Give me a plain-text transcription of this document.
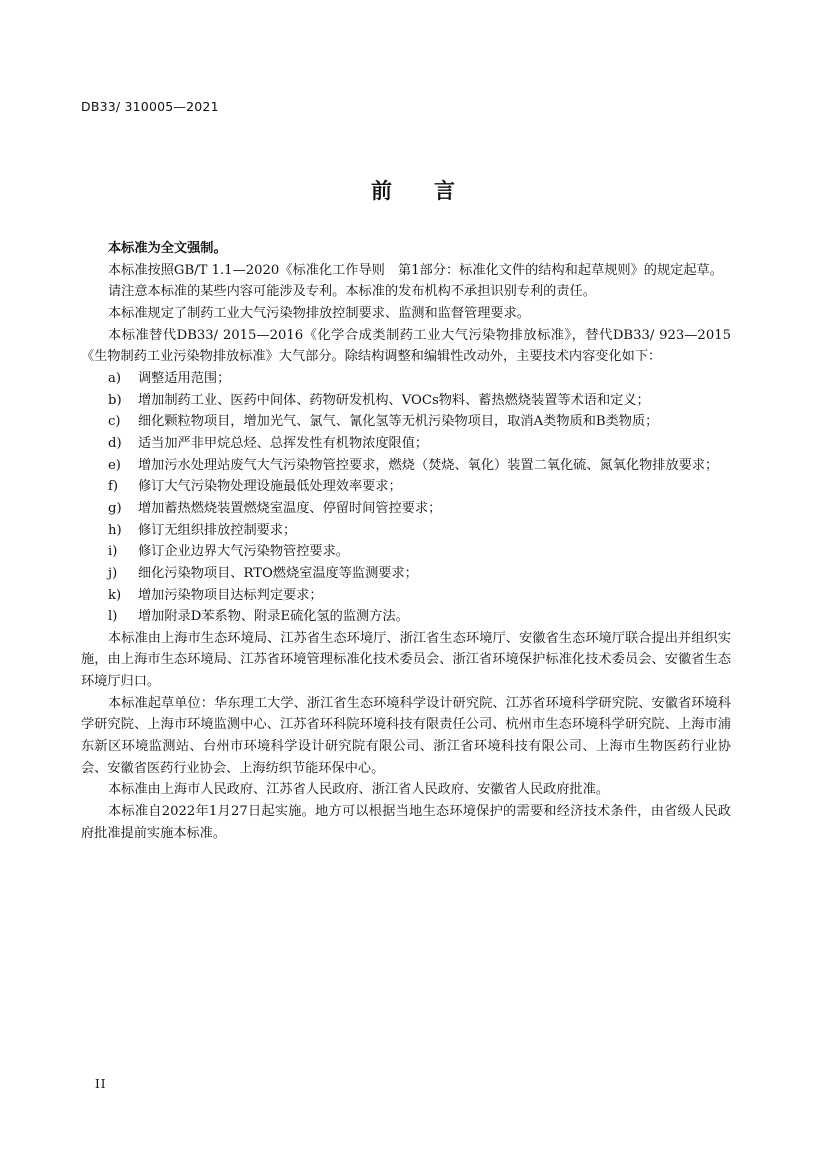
DB33/ 310005—2021
前言

本标准为全文强制。

本标准按照GB/T 1.1—2020《标准化工作导则　第1部分：标准化文件的结构和起草规则》的规定起草。

请注意本标准的某些内容可能涉及专利。本标准的发布机构不承担识别专利的责任。

本标准规定了制药工业大气污染物排放控制要求、监测和监督管理要求。

本标准替代DB33/ 2015—2016《化学合成类制药工业大气污染物排放标准》，替代DB33/ 923—2015《生物制药工业污染物排放标准》大气部分。除结构调整和编辑性改动外，主要技术内容变化如下：

a) 调整适用范围；

b) 增加制药工业、医药中间体、药物研发机构、VOCs物料、蓄热燃烧装置等术语和定义；

c) 细化颗粒物项目，增加光气、氯气、氰化氢等无机污染物项目，取消A类物质和B类物质；

d) 适当加严非甲烷总烃、总挥发性有机物浓度限值；

e) 增加污水处理站废气大气污染物管控要求，燃烧（焚烧、氧化）装置二氧化硫、氮氧化物排放要求；

f) 修订大气污染物处理设施最低处理效率要求；

g) 增加蓄热燃烧装置燃烧室温度、停留时间管控要求；

h) 修订无组织排放控制要求；

i) 修订企业边界大气污染物管控要求。

j) 细化污染物项目、RTO燃烧室温度等监测要求；

k) 增加污染物项目达标判定要求；

l) 增加附录D苯系物、附录E硫化氢的监测方法。

本标准由上海市生态环境局、江苏省生态环境厅、浙江省生态环境厅、安徽省生态环境厅联合提出并组织实施，由上海市生态环境局、江苏省环境管理标准化技术委员会、浙江省环境保护标准化技术委员会、安徽省生态环境厅归口。

本标准起草单位：华东理工大学、浙江省生态环境科学设计研究院、江苏省环境科学研究院、安徽省环境科学研究院、上海市环境监测中心、江苏省环科院环境科技有限责任公司、杭州市生态环境科学研究院、上海市浦东新区环境监测站、台州市环境科学设计研究院有限公司、浙江省环境科技有限公司、上海市生物医药行业协会、安徽省医药行业协会、上海纺织节能环保中心。

本标准由上海市人民政府、江苏省人民政府、浙江省人民政府、安徽省人民政府批准。

本标准自2022年1月27日起实施。地方可以根据当地生态环境保护的需要和经济技术条件，由省级人民政府批准提前实施本标准。

II
